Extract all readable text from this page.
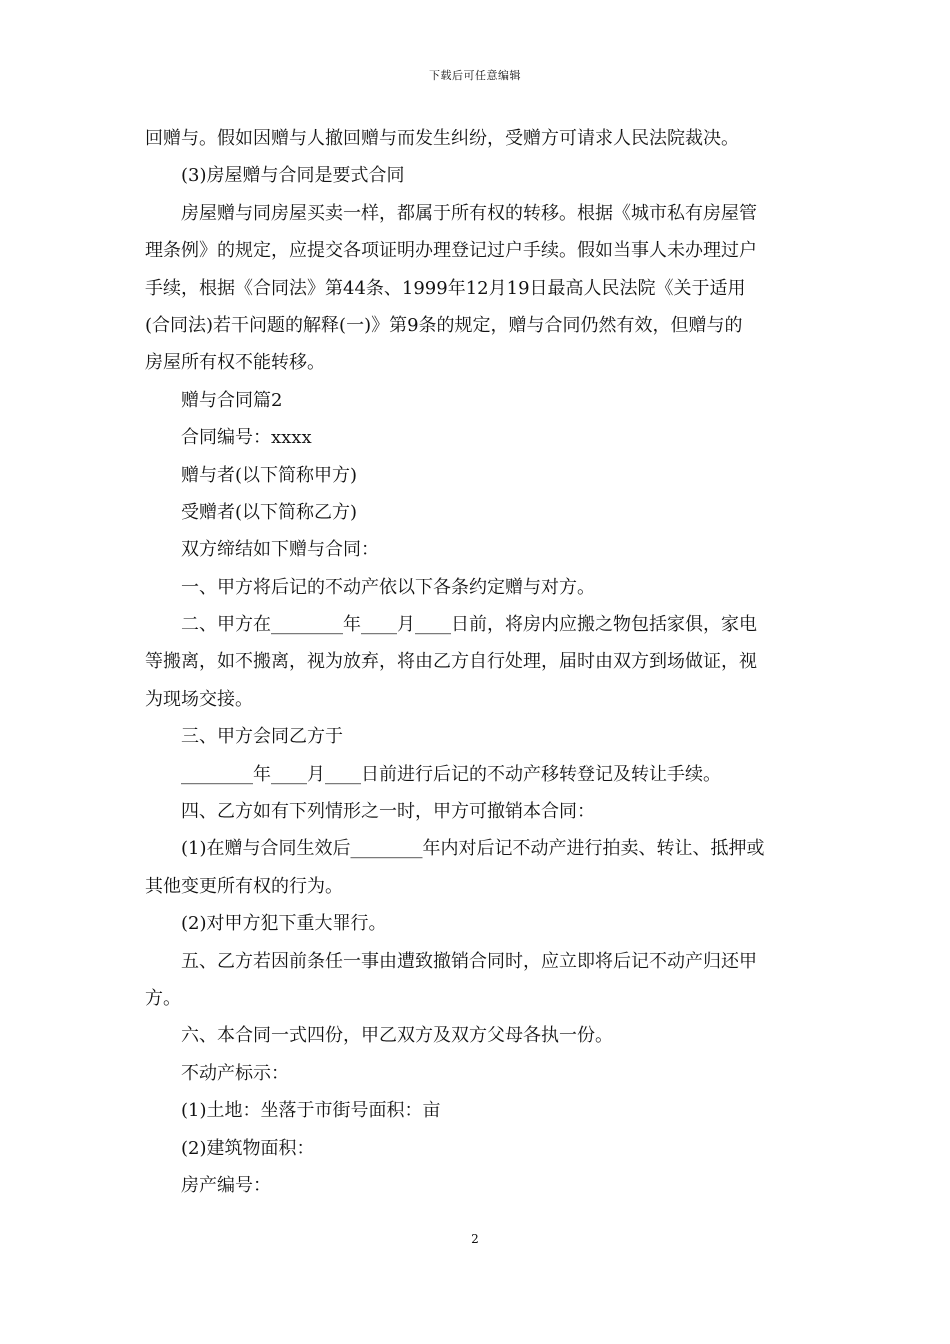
下载后可任意编辑
回赠与。假如因赠与人撤回赠与而发生纠纷，受赠方可请求人民法院裁决。
(3)房屋赠与合同是要式合同
房屋赠与同房屋买卖一样，都属于所有权的转移。根据《城市私有房屋管
理条例》的规定，应提交各项证明办理登记过户手续。假如当事人未办理过户
手续，根据《合同法》第44条、1999年12月19日最高人民法院《关于适用
(合同法)若干问题的解释(一)》第9条的规定，赠与合同仍然有效，但赠与的
房屋所有权不能转移。
赠与合同篇2
合同编号：xxxx
赠与者(以下简称甲方)
受赠者(以下简称乙方)
双方缔结如下赠与合同：
一、甲方将后记的不动产依以下各条约定赠与对方。
二、甲方在________年____月____日前，将房内应搬之物包括家俱，家电
等搬离，如不搬离，视为放弃，将由乙方自行处理，届时由双方到场做证，视
为现场交接。
三、甲方会同乙方于
________年____月____日前进行后记的不动产移转登记及转让手续。
四、乙方如有下列情形之一时，甲方可撤销本合同：
(1)在赠与合同生效后________年内对后记不动产进行拍卖、转让、抵押或
其他变更所有权的行为。
(2)对甲方犯下重大罪行。
五、乙方若因前条任一事由遭致撤销合同时，应立即将后记不动产归还甲
方。
六、本合同一式四份，甲乙双方及双方父母各执一份。
不动产标示：
(1)土地：坐落于市街号面积：亩
(2)建筑物面积：
房产编号：
2
